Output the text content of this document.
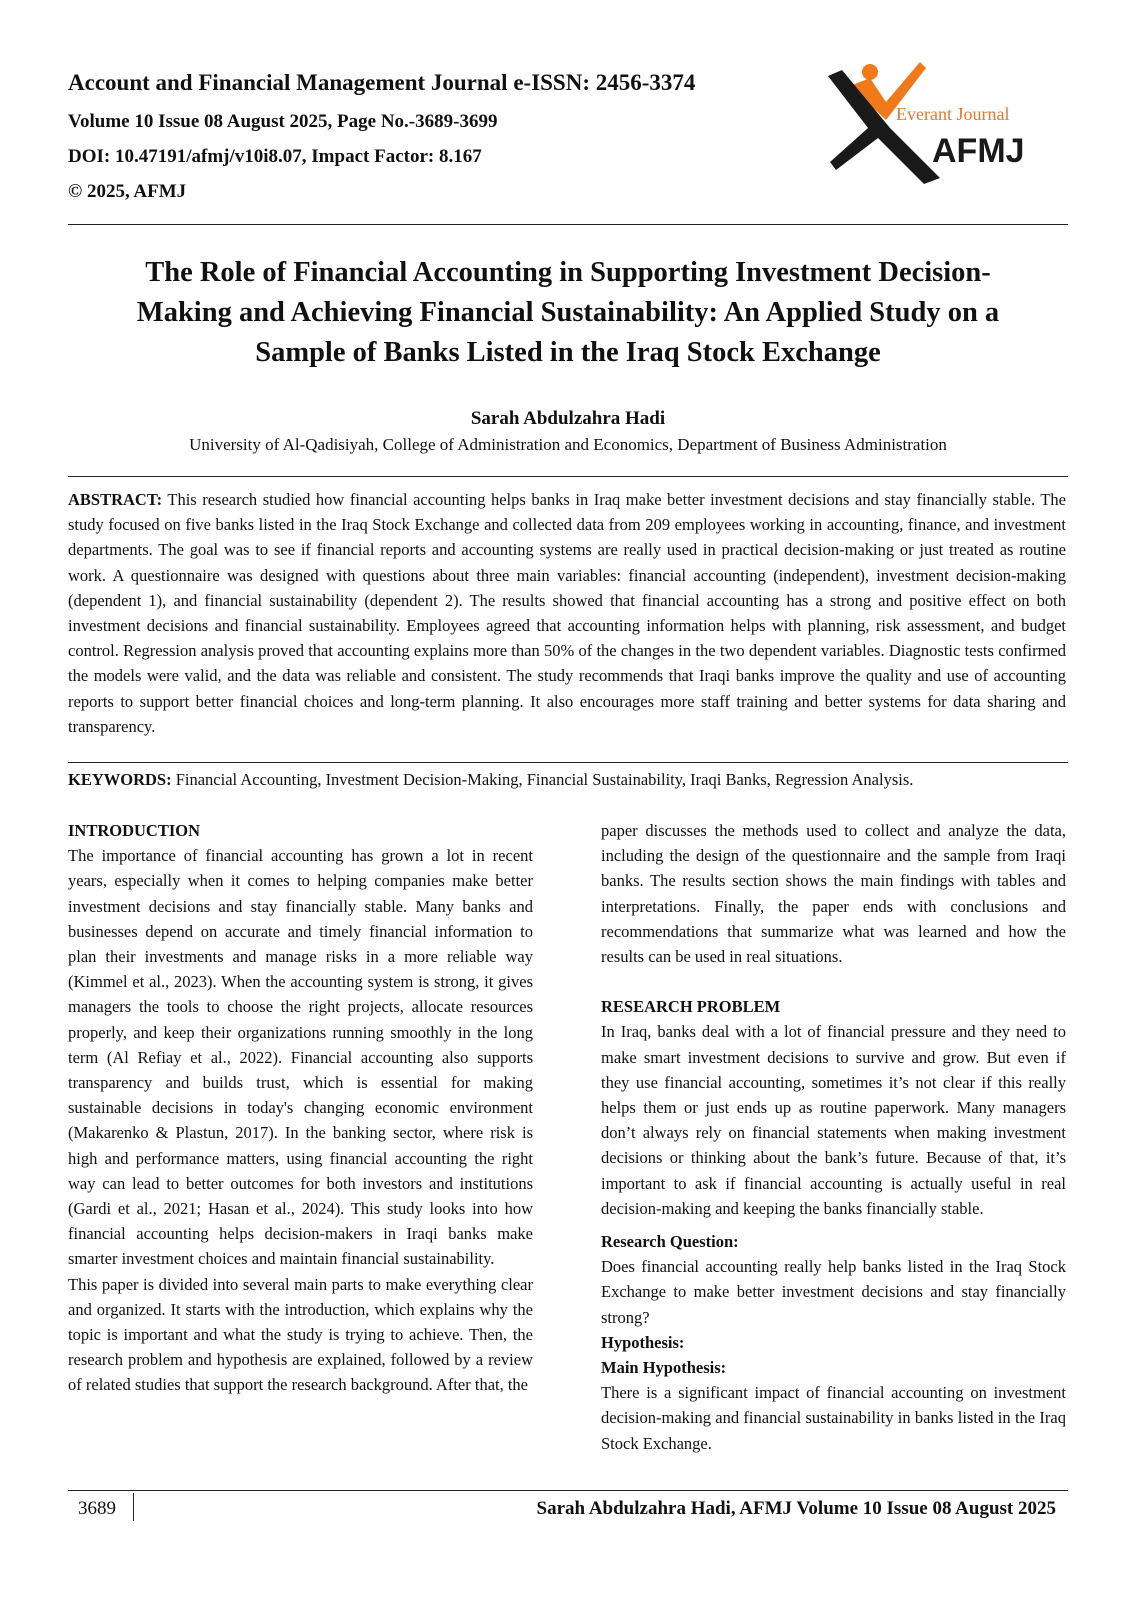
Account and Financial Management Journal e-ISSN: 2456-3374
Volume 10 Issue 08 August 2025, Page No.-3689-3699
DOI: 10.47191/afmj/v10i8.07, Impact Factor: 8.167
© 2025, AFMJ
Everant Journal
AFMJ
The Role of Financial Accounting in Supporting Investment Decision-
Making and Achieving Financial Sustainability: An Applied Study on a
Sample of Banks Listed in the Iraq Stock Exchange
Sarah Abdulzahra Hadi
University of Al-Qadisiyah, College of Administration and Economics, Department of Business Administration

ABSTRACT: This research studied how financial accounting helps banks in Iraq make better investment decisions and stay financially stable. The study focused on five banks listed in the Iraq Stock Exchange and collected data from 209 employees working in accounting, finance, and investment departments. The goal was to see if financial reports and accounting systems are really used in practical decision-making or just treated as routine work. A questionnaire was designed with questions about three main variables: financial accounting (independent), investment decision-making (dependent 1), and financial sustainability (dependent 2). The results showed that financial accounting has a strong and positive effect on both investment decisions and financial sustainability. Employees agreed that accounting information helps with planning, risk assessment, and budget control. Regression analysis proved that accounting explains more than 50% of the changes in the two dependent variables. Diagnostic tests confirmed the models were valid, and the data was reliable and consistent. The study recommends that Iraqi banks improve the quality and use of accounting reports to support better financial choices and long-term planning. It also encourages more staff training and better systems for data sharing and transparency.

KEYWORDS: Financial Accounting, Investment Decision-Making, Financial Sustainability, Iraqi Banks, Regression Analysis.

INTRODUCTION

The importance of financial accounting has grown a lot in recent years, especially when it comes to helping companies make better investment decisions and stay financially stable. Many banks and businesses depend on accurate and timely financial information to plan their investments and manage risks in a more reliable way (Kimmel et al., 2023). When the accounting system is strong, it gives managers the tools to choose the right projects, allocate resources properly, and keep their organizations running smoothly in the long term (Al Refiay et al., 2022). Financial accounting also supports transparency and builds trust, which is essential for making sustainable decisions in today's changing economic environment (Makarenko & Plastun, 2017). In the banking sector, where risk is high and performance matters, using financial accounting the right way can lead to better outcomes for both investors and institutions (Gardi et al., 2021; Hasan et al., 2024). This study looks into how financial accounting helps decision-makers in Iraqi banks make smarter investment choices and maintain financial sustainability.

This paper is divided into several main parts to make everything clear and organized. It starts with the introduction, which explains why the topic is important and what the study is trying to achieve. Then, the research problem and hypothesis are explained, followed by a review of related studies that support the research background. After that, the

paper discusses the methods used to collect and analyze the data, including the design of the questionnaire and the sample from Iraqi banks. The results section shows the main findings with tables and interpretations. Finally, the paper ends with conclusions and recommendations that summarize what was learned and how the results can be used in real situations.

RESEARCH PROBLEM

In Iraq, banks deal with a lot of financial pressure and they need to make smart investment decisions to survive and grow. But even if they use financial accounting, sometimes it’s not clear if this really helps them or just ends up as routine paperwork. Many managers don’t always rely on financial statements when making investment decisions or thinking about the bank’s future. Because of that, it’s important to ask if financial accounting is actually useful in real decision-making and keeping the banks financially stable.

Research Question:

Does financial accounting really help banks listed in the Iraq Stock Exchange to make better investment decisions and stay financially strong?

Hypothesis:
Main Hypothesis:

There is a significant impact of financial accounting on investment decision-making and financial sustainability in banks listed in the Iraq Stock Exchange.

3689	Sarah Abdulzahra Hadi, AFMJ Volume 10 Issue 08 August 2025
